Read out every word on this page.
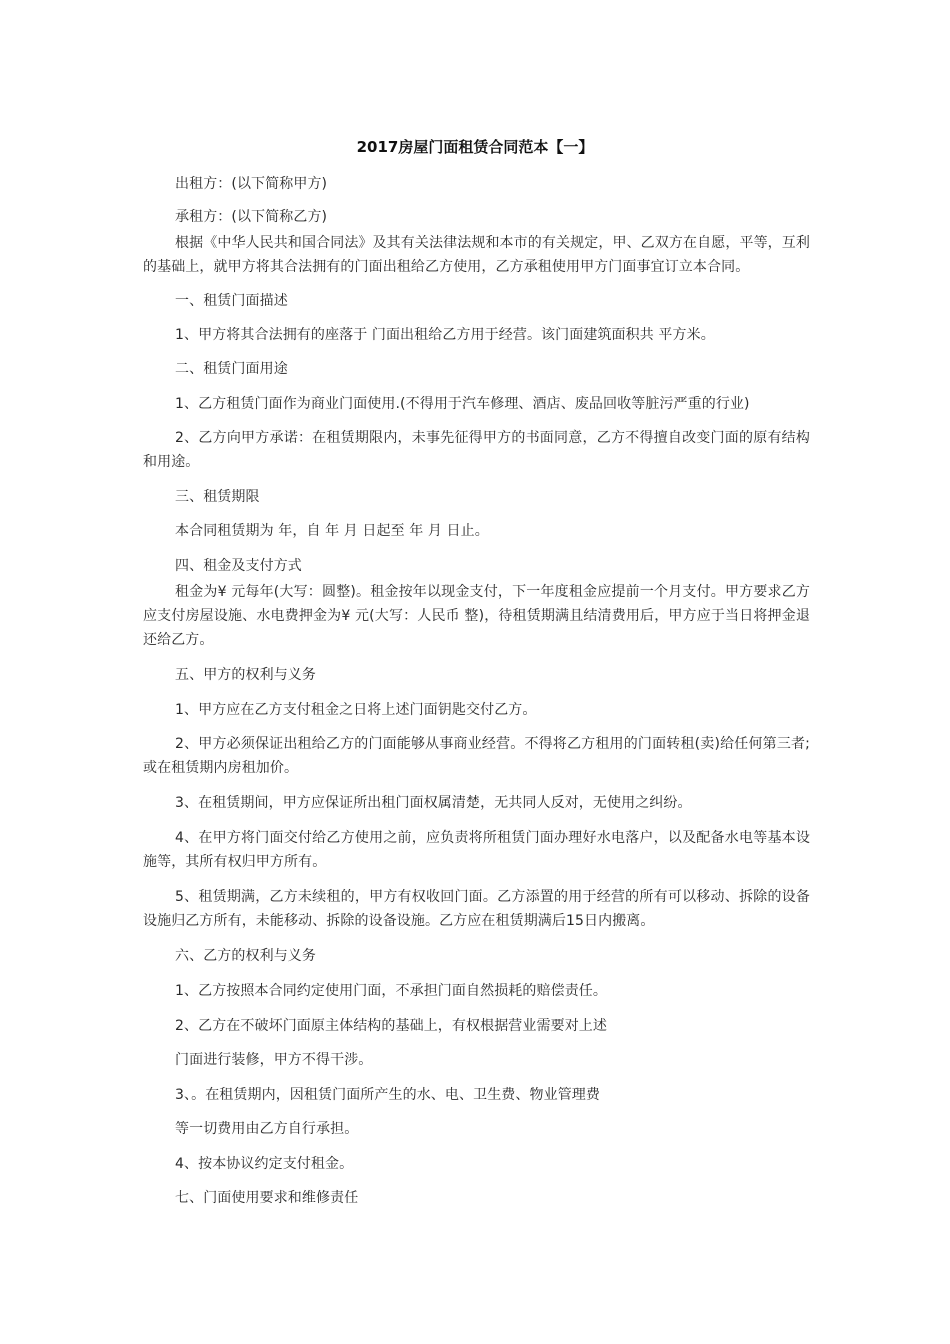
2017房屋门面租赁合同范本【一】
出租方：(以下简称甲方)
承租方：(以下简称乙方)
根据《中华人民共和国合同法》及其有关法律法规和本市的有关规定，甲、乙双方在自愿，平等，互利的基础上，就甲方将其合法拥有的门面出租给乙方使用，乙方承租使用甲方门面事宜订立本合同。
一、租赁门面描述
1、甲方将其合法拥有的座落于 门面出租给乙方用于经营。该门面建筑面积共 平方米。
二、租赁门面用途
1、乙方租赁门面作为商业门面使用.(不得用于汽车修理、酒店、废品回收等脏污严重的行业)
2、乙方向甲方承诺：在租赁期限内，未事先征得甲方的书面同意，乙方不得擅自改变门面的原有结构和用途。
三、租赁期限
本合同租赁期为 年，自 年 月 日起至 年 月 日止。
四、租金及支付方式
租金为¥ 元每年(大写：圆整)。租金按年以现金支付，下一年度租金应提前一个月支付。甲方要求乙方应支付房屋设施、水电费押金为¥ 元(大写：人民币 整)，待租赁期满且结清费用后，甲方应于当日将押金退还给乙方。
五、甲方的权利与义务
1、甲方应在乙方支付租金之日将上述门面钥匙交付乙方。
2、甲方必须保证出租给乙方的门面能够从事商业经营。不得将乙方租用的门面转租(卖)给任何第三者;或在租赁期内房租加价。
3、在租赁期间，甲方应保证所出租门面权属清楚，无共同人反对，无使用之纠纷。
4、在甲方将门面交付给乙方使用之前，应负责将所租赁门面办理好水电落户，以及配备水电等基本设施等，其所有权归甲方所有。
5、租赁期满，乙方未续租的，甲方有权收回门面。乙方添置的用于经营的所有可以移动、拆除的设备设施归乙方所有，未能移动、拆除的设备设施。乙方应在租赁期满后15日内搬离。
六、乙方的权利与义务
1、乙方按照本合同约定使用门面，不承担门面自然损耗的赔偿责任。
2、乙方在不破坏门面原主体结构的基础上，有权根据营业需要对上述
门面进行装修，甲方不得干涉。
3、。在租赁期内，因租赁门面所产生的水、电、卫生费、物业管理费
等一切费用由乙方自行承担。
4、按本协议约定支付租金。
七、门面使用要求和维修责任
